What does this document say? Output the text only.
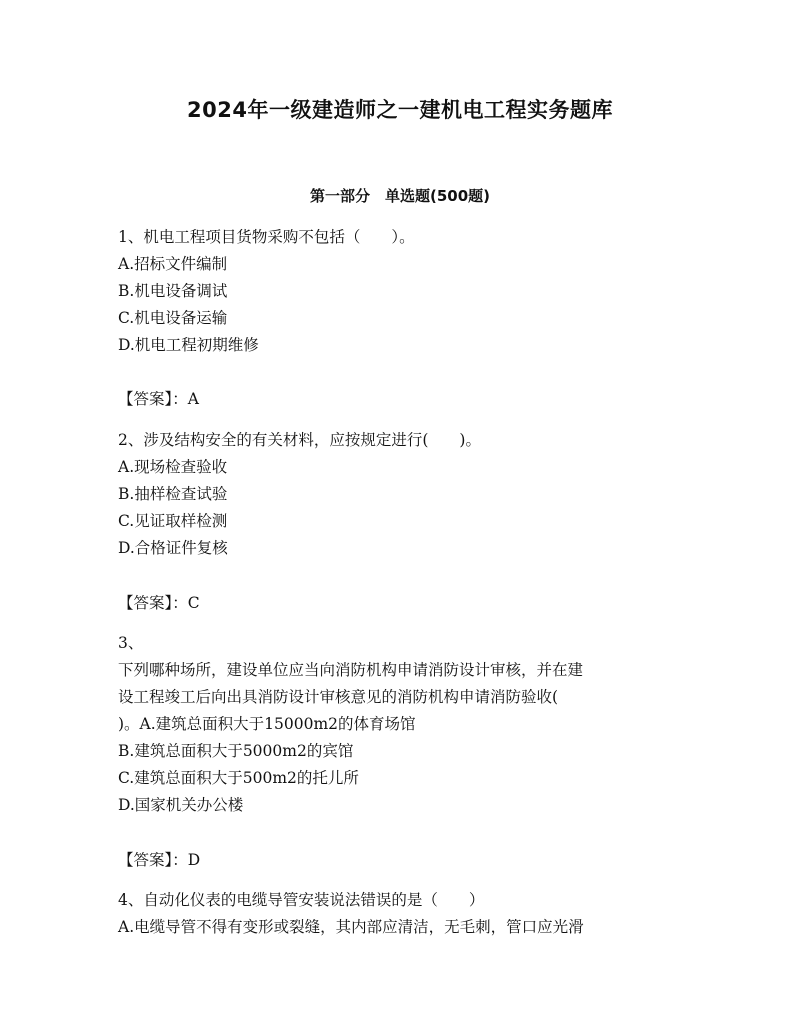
2024年一级建造师之一建机电工程实务题库
第一部分　单选题(500题)
1、机电工程项目货物采购不包括（　　）。
A.招标文件编制
B.机电设备调试
C.机电设备运输
D.机电工程初期维修
【答案】：A
2、涉及结构安全的有关材料，应按规定进行(　　)。
A.现场检查验收
B.抽样检查试验
C.见证取样检测
D.合格证件复核
【答案】：C
3、
下列哪种场所，建设单位应当向消防机构申请消防设计审核，并在建
设工程竣工后向出具消防设计审核意见的消防机构申请消防验收(
)。A.建筑总面积大于15000m2的体育场馆
B.建筑总面积大于5000m2的宾馆
C.建筑总面积大于500m2的托儿所
D.国家机关办公楼
【答案】：D
4、自动化仪表的电缆导管安装说法错误的是（　　）
A.电缆导管不得有变形或裂缝，其内部应清洁，无毛刺，管口应光滑
